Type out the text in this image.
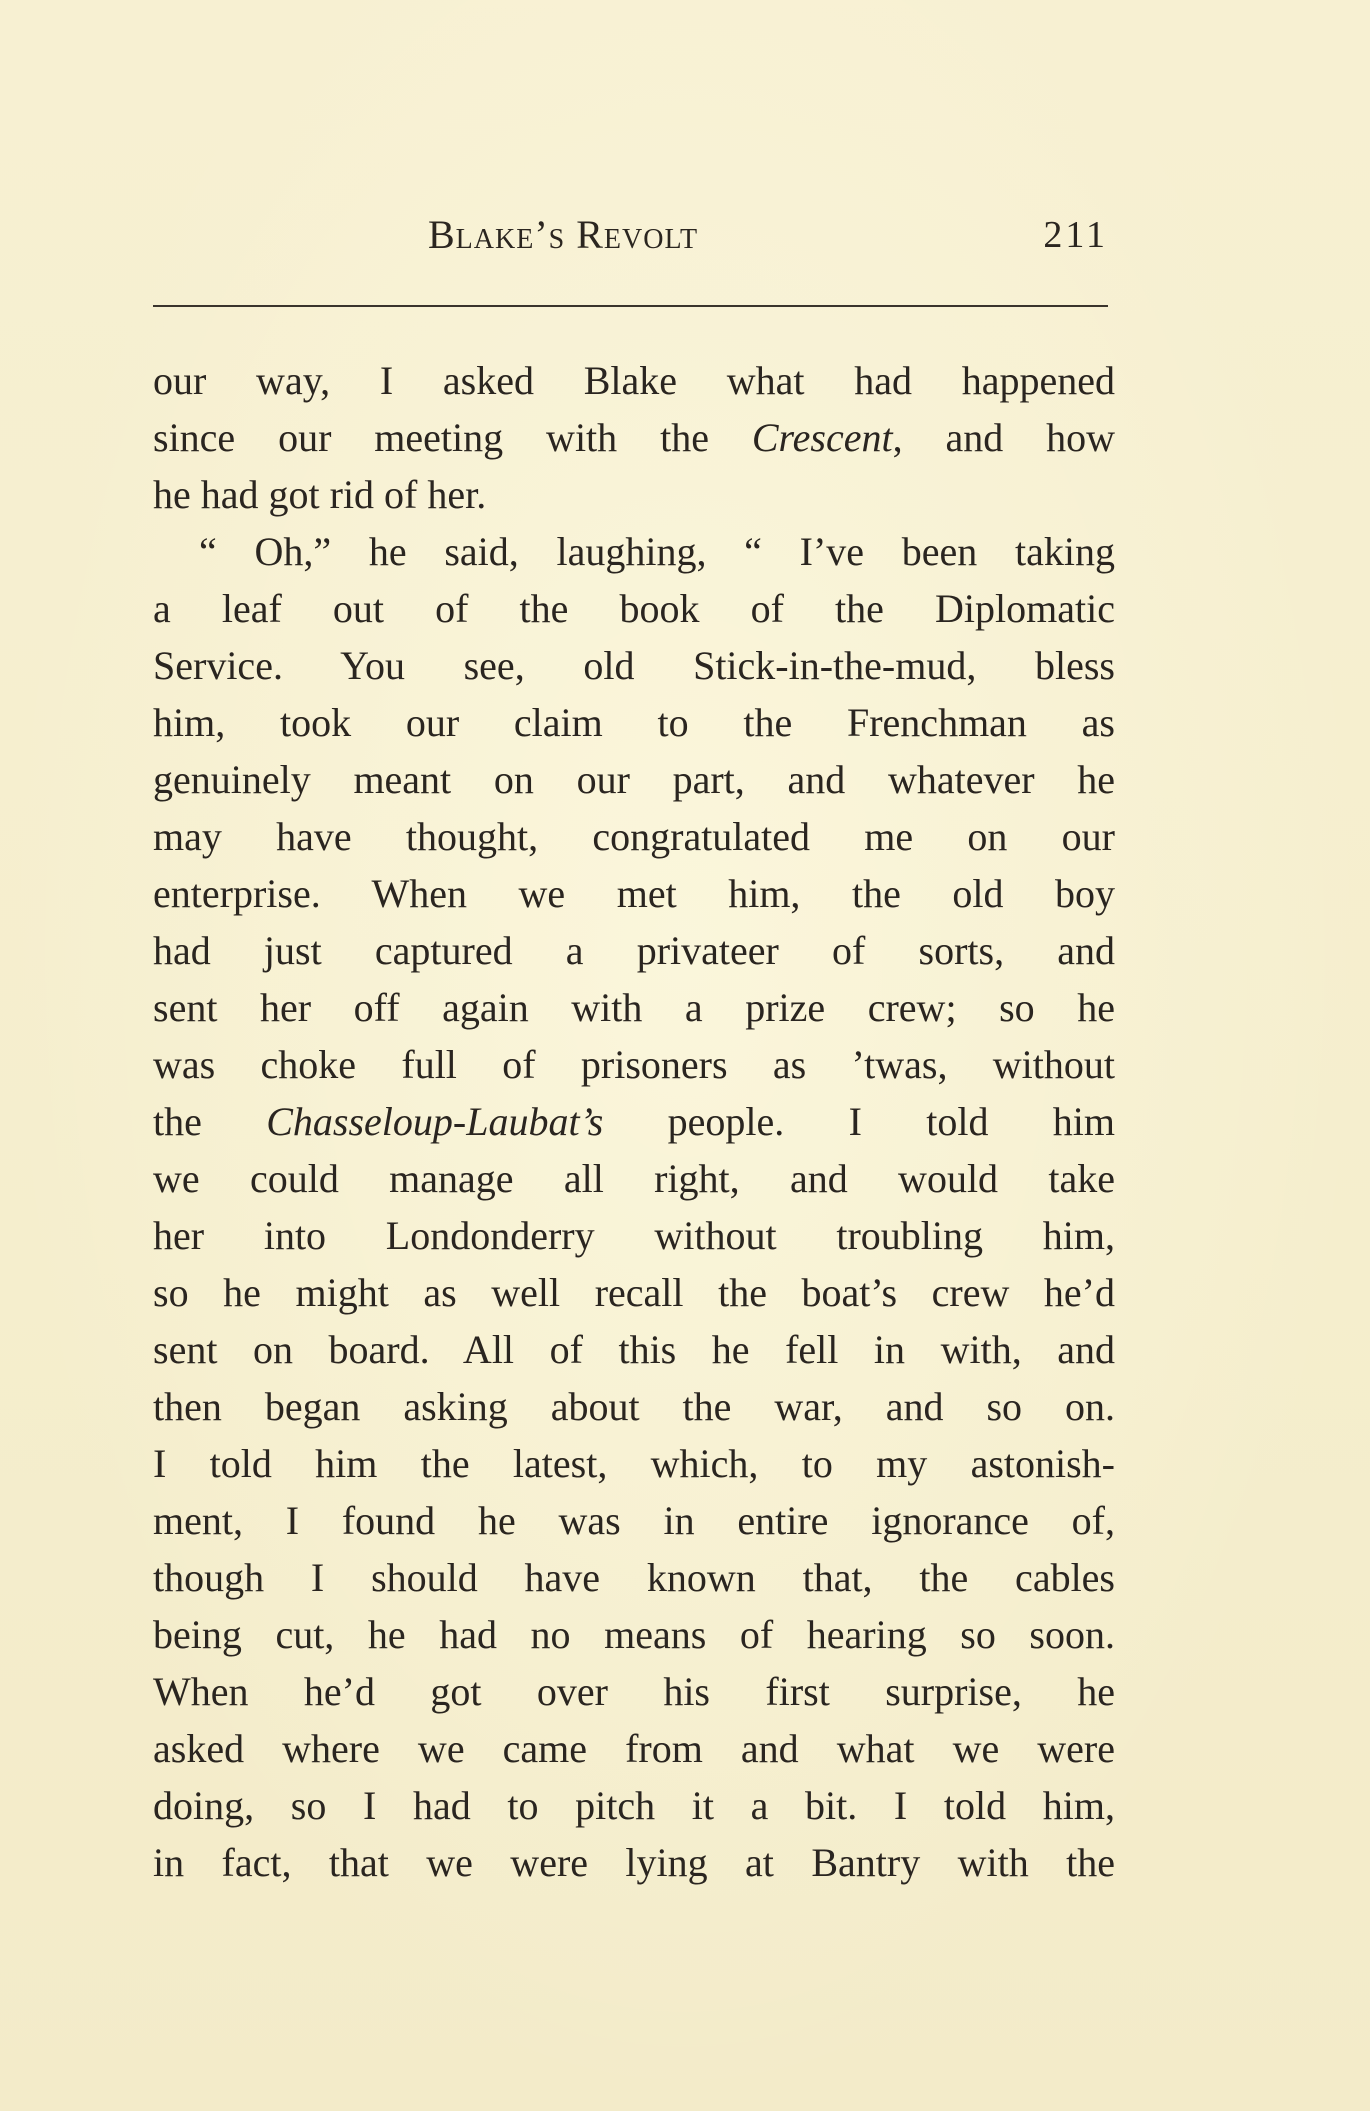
Blake’s Revolt	211
our way, I asked Blake what had happened
since our meeting with the Crescent, and how
he had got rid of her.
“ Oh,” he said, laughing, “ I’ve been taking
a leaf out of the book of the Diplomatic
Service. You see, old Stick-in-the-mud, bless
him, took our claim to the Frenchman as
genuinely meant on our part, and whatever he
may have thought, congratulated me on our
enterprise. When we met him, the old boy
had just captured a privateer of sorts, and
sent her off again with a prize crew; so he
was choke full of prisoners as ’twas, without
the Chasseloup-Laubat’s people. I told him
we could manage all right, and would take
her into Londonderry without troubling him,
so he might as well recall the boat’s crew he’d
sent on board. All of this he fell in with, and
then began asking about the war, and so on.
I told him the latest, which, to my astonish-
ment, I found he was in entire ignorance of,
though I should have known that, the cables
being cut, he had no means of hearing so soon.
When he’d got over his first surprise, he
asked where we came from and what we were
doing, so I had to pitch it a bit. I told him,
in fact, that we were lying at Bantry with the
